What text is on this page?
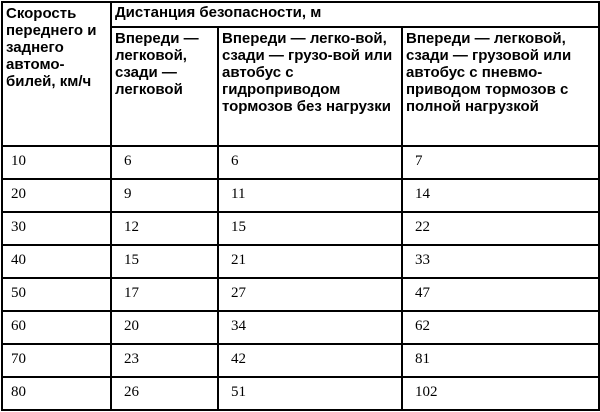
Скорость переднего и заднего автомо-билей, км/ч	Дистанция безопасности, м		
	Впереди — легковой, сзади — легковой	Впереди — легко-вой, сзади — грузо-вой или автобус с гидроприводом тормозов без нагрузки	Впереди — легковой, сзади — грузовой или автобус с пневмо-приводом тормозов с полной нагрузкой
10	6	6	7
20	9	11	14
30	12	15	22
40	15	21	33
50	17	27	47
60	20	34	62
70	23	42	81
80	26	51	102
